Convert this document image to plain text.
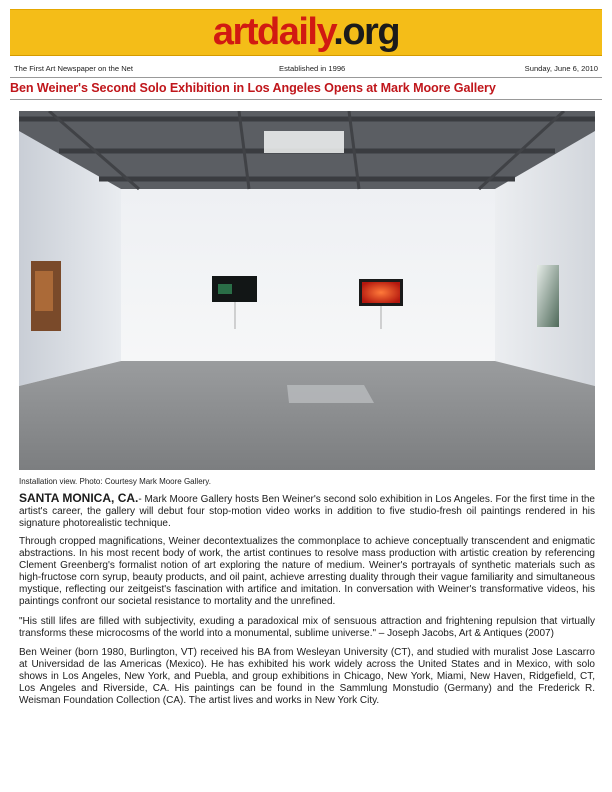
artdaily.org
The First Art Newspaper on the Net	Established in 1996	Sunday, June 6, 2010
Ben Weiner's Second Solo Exhibition in Los Angeles Opens at Mark Moore Gallery
Installation view. Photo: Courtesy Mark Moore Gallery.

SANTA MONICA, CA.- Mark Moore Gallery hosts Ben Weiner's second solo exhibition in Los Angeles. For the first time in the artist's career, the gallery will debut four stop-motion video works in addition to five studio-fresh oil paintings rendered in his signature photorealistic technique.

Through cropped magnifications, Weiner decontextualizes the commonplace to achieve conceptually transcendent and enigmatic abstractions. In his most recent body of work, the artist continues to resolve mass production with artistic creation by referencing Clement Greenberg's formalist notion of art exploring the nature of medium. Weiner's portrayals of synthetic materials such as high-fructose corn syrup, beauty products, and oil paint, achieve arresting duality through their vague familiarity and simultaneous mystique, reflecting our zeitgeist's fascination with artifice and imitation. In conversation with Weiner's transformative videos, his paintings confront our societal resistance to mortality and the unrefined.

"His still lifes are filled with subjectivity, exuding a paradoxical mix of sensuous attraction and frightening repulsion that virtually transforms these microcosms of the world into a monumental, sublime universe." – Joseph Jacobs, Art & Antiques (2007)

Ben Weiner (born 1980, Burlington, VT) received his BA from Wesleyan University (CT), and studied with muralist Jose Lascarro at Universidad de las Americas (Mexico). He has exhibited his work widely across the United States and in Mexico, with solo shows in Los Angeles, New York, and Puebla, and group exhibitions in Chicago, New York, Miami, New Haven, Ridgefield, CT, Los Angeles and Riverside, CA. His paintings can be found in the Sammlung Monstudio (Germany) and the Frederick R. Weisman Foundation Collection (CA). The artist lives and works in New York City.
